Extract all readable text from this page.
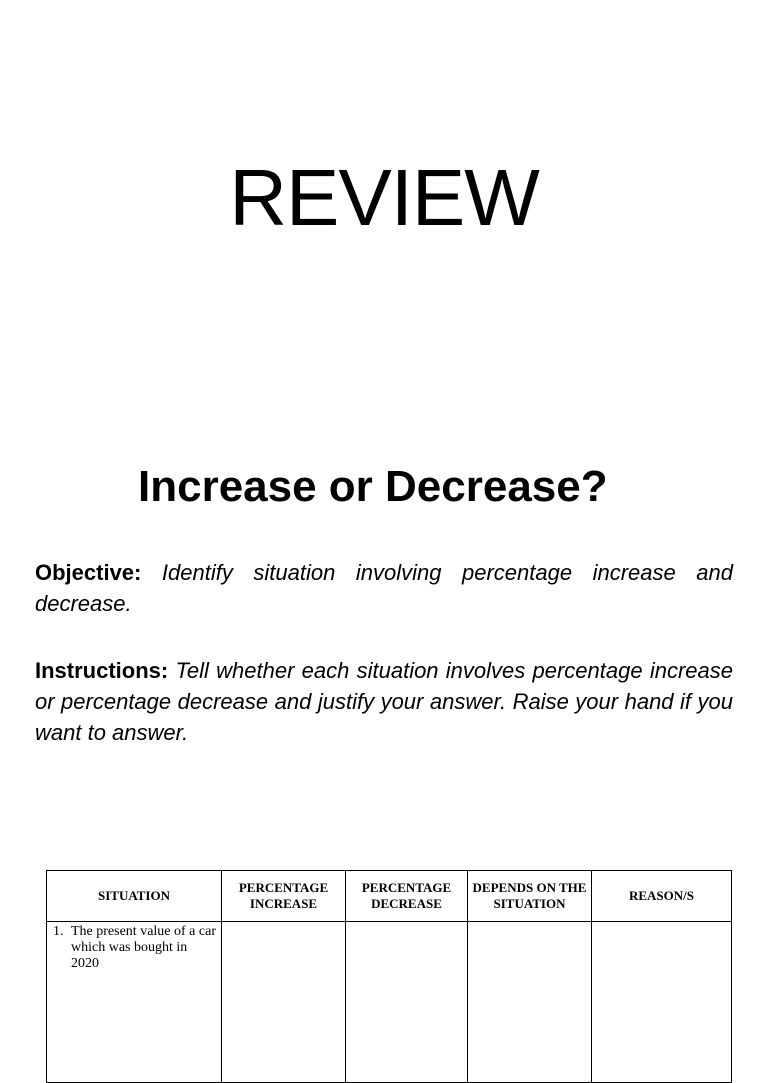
REVIEW
Increase or Decrease?
Objective: Identify situation involving percentage increase and decrease.
Instructions: Tell whether each situation involves percentage increase or percentage decrease and justify your answer. Raise your hand if you want to answer.
SITUATION	PERCENTAGE INCREASE	PERCENTAGE DECREASE	DEPENDS ON THE SITUATION	REASON/S

1. The present value of a car which was bought in 2020				
